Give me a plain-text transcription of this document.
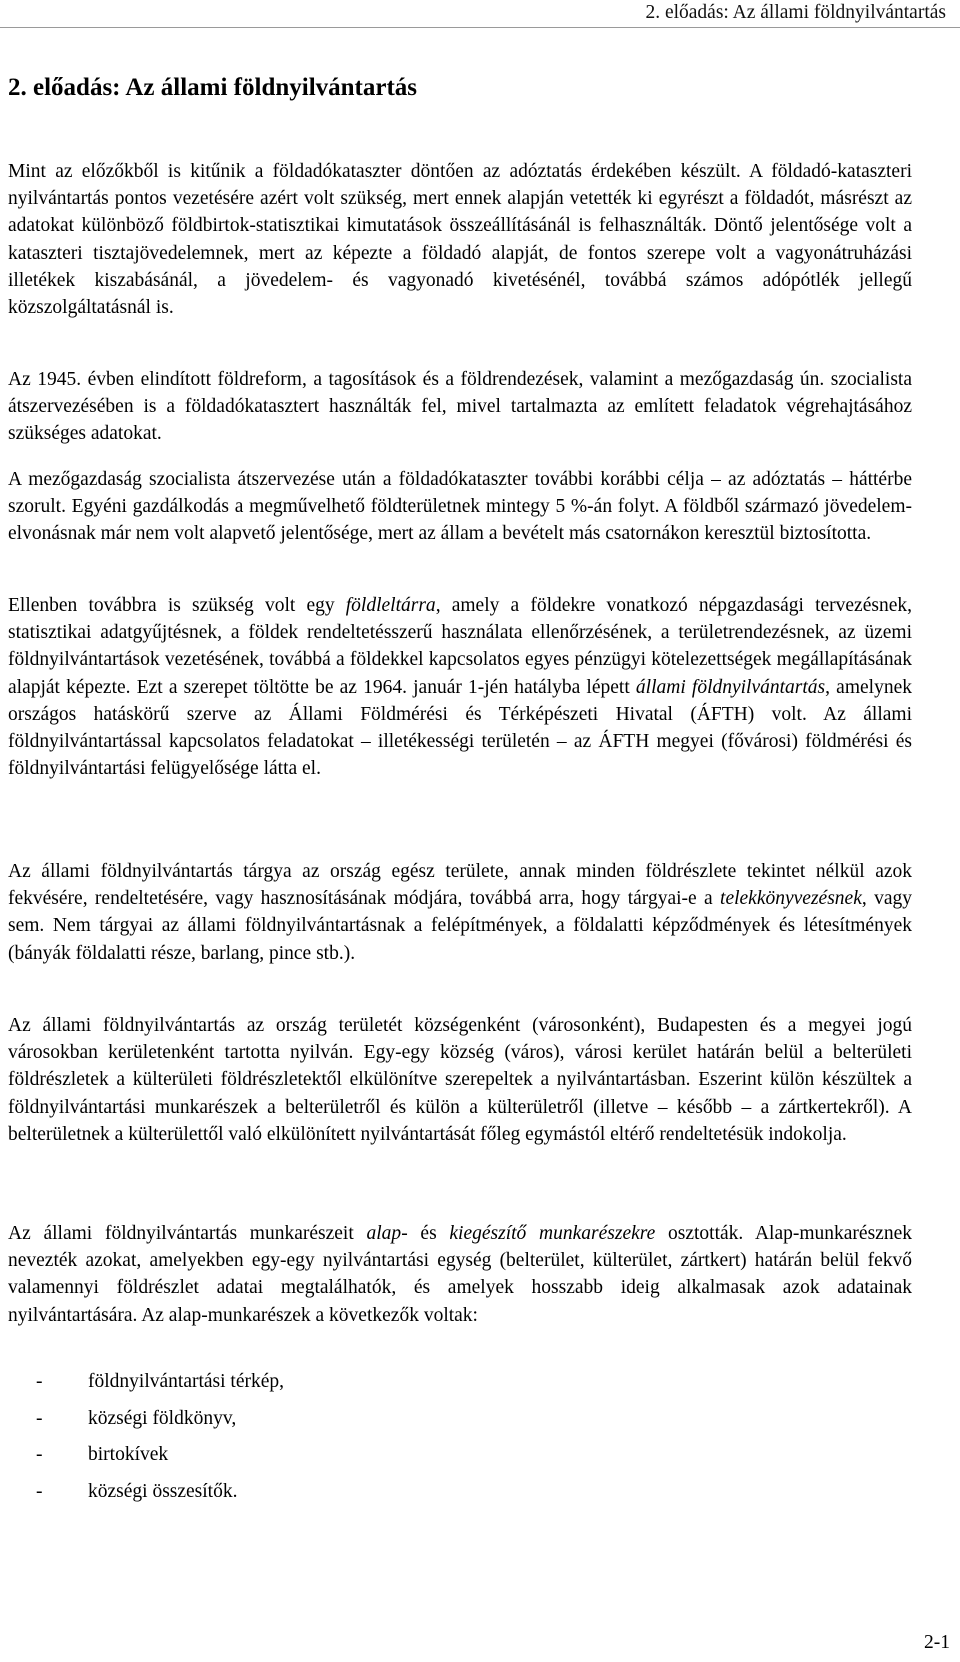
2. előadás: Az állami földnyilvántartás
2. előadás: Az állami földnyilvántartás

Mint az előzőkből is kitűnik a földadókataszter döntően az adóztatás érdekében készült. A földadó-kataszteri nyilvántartás pontos vezetésére azért volt szükség, mert ennek alapján vetették ki egyrészt a földadót, másrészt az adatokat különböző földbirtok-statisztikai kimutatások összeállításánál is felhasználták. Döntő jelentősége volt a kataszteri tisztajövedelemnek, mert az képezte a földadó alapját, de fontos szerepe volt a vagyonátruházási illetékek kiszabásánál, a jövedelem- és vagyonadó kivetésénél, továbbá számos adópótlék jellegű közszolgáltatásnál is.

Az 1945. évben elindított földreform, a tagosítások és a földrendezések, valamint a mezőgazdaság ún. szocialista átszervezésében is a földadókatasztert használták fel, mivel tartalmazta az említett feladatok végrehajtásához szükséges adatokat.

A mezőgazdaság szocialista átszervezése után a földadókataszter további korábbi célja – az adóztatás – háttérbe szorult. Egyéni gazdálkodás a megművelhető földterületnek mintegy 5 %-án folyt. A földből származó jövedelem-elvonásnak már nem volt alapvető jelentősége, mert az állam a bevételt más csatornákon keresztül biztosította.

Ellenben továbbra is szükség volt egy földleltárra, amely a földekre vonatkozó népgazdasági tervezésnek, statisztikai adatgyűjtésnek, a földek rendeltetésszerű használata ellenőrzésének, a területrendezésnek, az üzemi földnyilvántartások vezetésének, továbbá a földekkel kapcsolatos egyes pénzügyi kötelezettségek megállapításának alapját képezte. Ezt a szerepet töltötte be az 1964. január 1-jén hatályba lépett állami földnyilvántartás, amelynek országos hatáskörű szerve az Állami Földmérési és Térképészeti Hivatal (ÁFTH) volt. Az állami földnyilvántartással kapcsolatos feladatokat – illetékességi területén – az ÁFTH megyei (fővárosi) földmérési és földnyilvántartási felügyelősége látta el.

Az állami földnyilvántartás tárgya az ország egész területe, annak minden földrészlete tekintet nélkül azok fekvésére, rendeltetésére, vagy hasznosításának módjára, továbbá arra, hogy tárgyai-e a telekkönyvezésnek, vagy sem. Nem tárgyai az állami földnyilvántartásnak a felépítmények, a földalatti képződmények és létesítmények (bányák földalatti része, barlang, pince stb.).

Az állami földnyilvántartás az ország területét községenként (városonként), Budapesten és a megyei jogú városokban kerületenként tartotta nyilván. Egy-egy község (város), városi kerület határán belül a belterületi földrészletek a külterületi földrészletektől elkülönítve szerepeltek a nyilvántartásban. Eszerint külön készültek a földnyilvántartási munkarészek a belterületről és külön a külterületről (illetve – később – a zártkertekről). A belterületnek a külterülettől való elkülönített nyilvántartását főleg egymástól eltérő rendeltetésük indokolja.

Az állami földnyilvántartás munkarészeit alap- és kiegészítő munkarészekre osztották. Alap-munkarésznek nevezték azokat, amelyekben egy-egy nyilvántartási egység (belterület, külterület, zártkert) határán belül fekvő valamennyi földrészlet adatai megtalálhatók, és amelyek hosszabb ideig alkalmasak azok adatainak nyilvántartására. Az alap-munkarészek a következők voltak:

- földnyilvántartási térkép,
- községi földkönyv,
- birtokívek
- községi összesítők.
2-1
